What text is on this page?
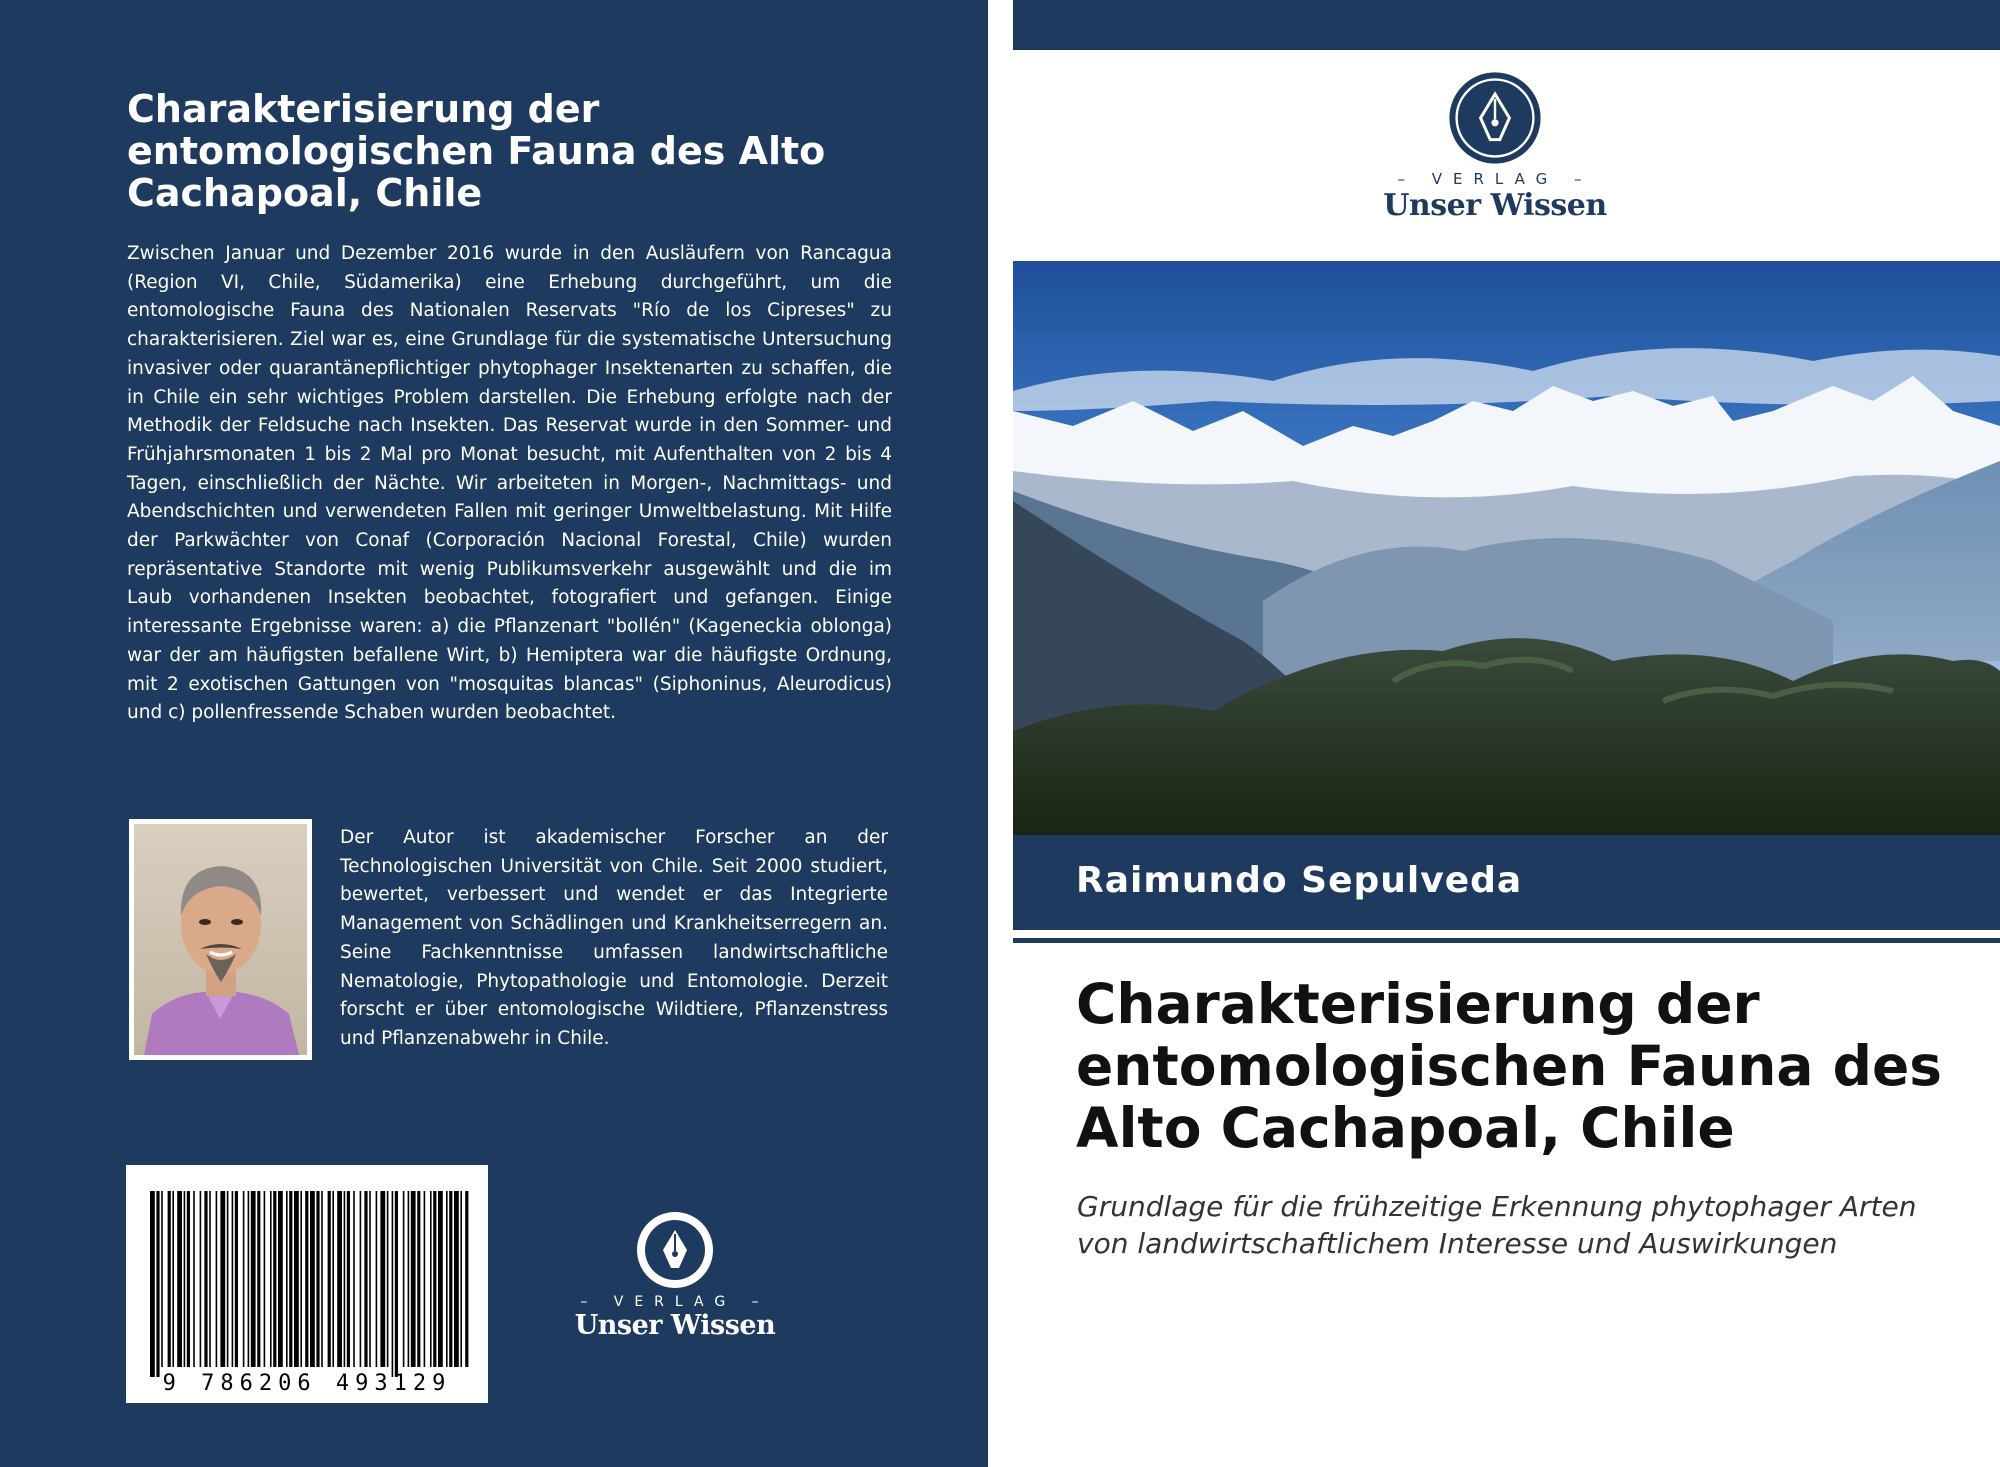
Charakterisierung der entomologischen Fauna des Alto Cachapoal, Chile

Zwischen Januar und Dezember 2016 wurde in den Ausläufern von Rancagua (Region VI, Chile, Südamerika) eine Erhebung durchgeführt, um die entomologische Fauna des Nationalen Reservats "Río de los Cipreses" zu charakterisieren. Ziel war es, eine Grundlage für die systematische Untersuchung invasiver oder quarantänepflichtiger phytophager Insektenarten zu schaffen, die in Chile ein sehr wichtiges Problem darstellen. Die Erhebung erfolgte nach der Methodik der Feldsuche nach Insekten. Das Reservat wurde in den Sommer- und Frühjahrsmonaten 1 bis 2 Mal pro Monat besucht, mit Aufenthalten von 2 bis 4 Tagen, einschließlich der Nächte. Wir arbeiteten in Morgen-, Nachmittags- und Abendschichten und verwendeten Fallen mit geringer Umweltbelastung. Mit Hilfe der Parkwächter von Conaf (Corporación Nacional Forestal, Chile) wurden repräsentative Standorte mit wenig Publikumsverkehr ausgewählt und die im Laub vorhandenen Insekten beobachtet, fotografiert und gefangen. Einige interessante Ergebnisse waren: a) die Pflanzenart "bollén" (Kageneckia oblonga) war der am häufigsten befallene Wirt, b) Hemiptera war die häufigste Ordnung, mit 2 exotischen Gattungen von "mosquitas blancas" (Siphoninus, Aleurodicus) und c) pollenfressende Schaben wurden beobachtet.

Der Autor ist akademischer Forscher an der Technologischen Universität von Chile. Seit 2000 studiert, bewertet, verbessert und wendet er das Integrierte Management von Schädlingen und Krankheitserregern an. Seine Fachkenntnisse umfassen landwirtschaftliche Nematologie, Phytopathologie und Entomologie. Derzeit forscht er über entomologische Wildtiere, Pflanzenstress und Pflanzenabwehr in Chile.

9 786206 493129
– VERLAG –
Unser Wissen
– VERLAG –
Unser Wissen
Raimundo Sepulveda
Charakterisierung der entomologischen Fauna des Alto Cachapoal, Chile

Grundlage für die frühzeitige Erkennung phytophager Arten von landwirtschaftlichem Interesse und Auswirkungen
